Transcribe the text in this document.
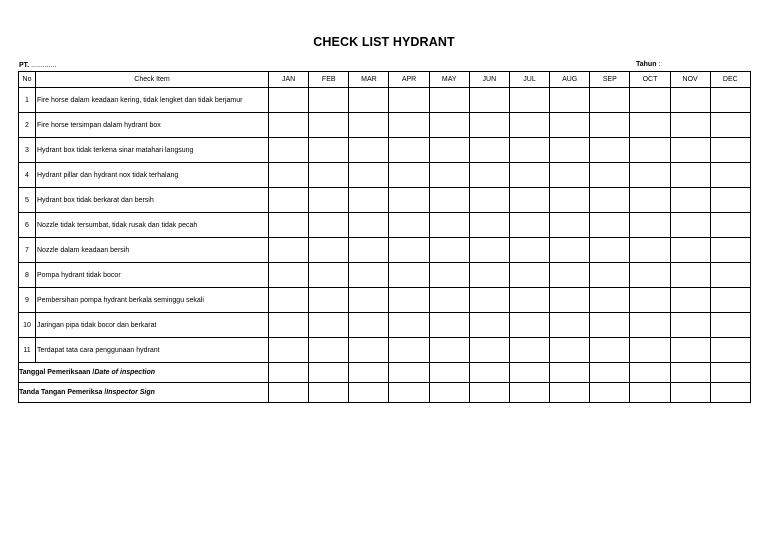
CHECK LIST HYDRANT
PT. .............	Tahun :
No	Check Item	JAN	FEB	MAR	APR	MAY	JUN	JUL	AUG	SEP	OCT	NOV	DEC
1	Fire horse dalam keadaan kering, tidak lengket dan tidak berjamur												
2	Fire horse tersimpan dalam hydrant box												
3	Hydrant box tidak terkena sinar matahari langsung												
4	Hydrant pillar dan hydrant nox tidak terhalang												
5	Hydrant box tidak berkarat dan bersih												
6	Nozzle tidak tersumbat, tidak rusak dan tidak pecah												
7	Nozzle dalam keadaan bersih												
8	Pompa hydrant tidak bocor												
9	Pembersihan pompa hydrant berkala seminggu sekali												
10	Jaringan pipa tidak bocor dan berkarat												
11	Terdapat tata cara penggunaan hydrant												
Tanggal Pemeriksaan /Date of inspection													
Tanda Tangan Pemeriksa /Inspector Sign													
